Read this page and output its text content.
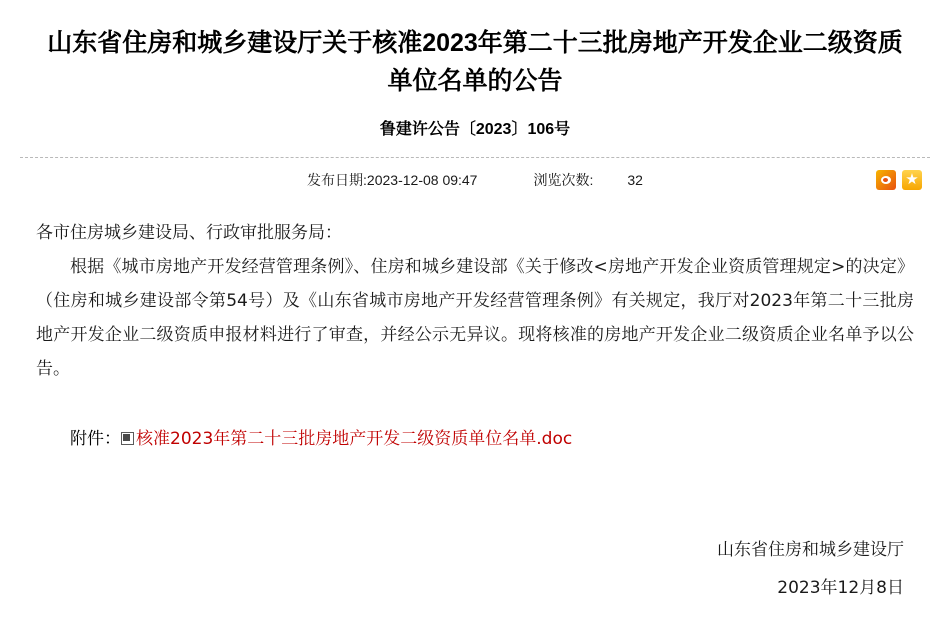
山东省住房和城乡建设厅关于核准2023年第二十三批房地产开发企业二级资质单位名单的公告
鲁建许公告〔2023〕106号
发布日期:2023-12-08 09:47	浏览次数: 32	★
各市住房城乡建设局、行政审批服务局：
根据《城市房地产开发经营管理条例》、住房和城乡建设部《关于修改<房地产开发企业资质管理规定>的决定》（住房和城乡建设部令第54号）及《山东省城市房地产开发经营管理条例》有关规定，我厅对2023年第二十三批房地产开发企业二级资质申报材料进行了审查，并经公示无异议。现将核准的房地产开发企业二级资质企业名单予以公告。
附件： 核准2023年第二十三批房地产开发二级资质单位名单.doc
山东省住房和城乡建设厅
2023年12月8日
